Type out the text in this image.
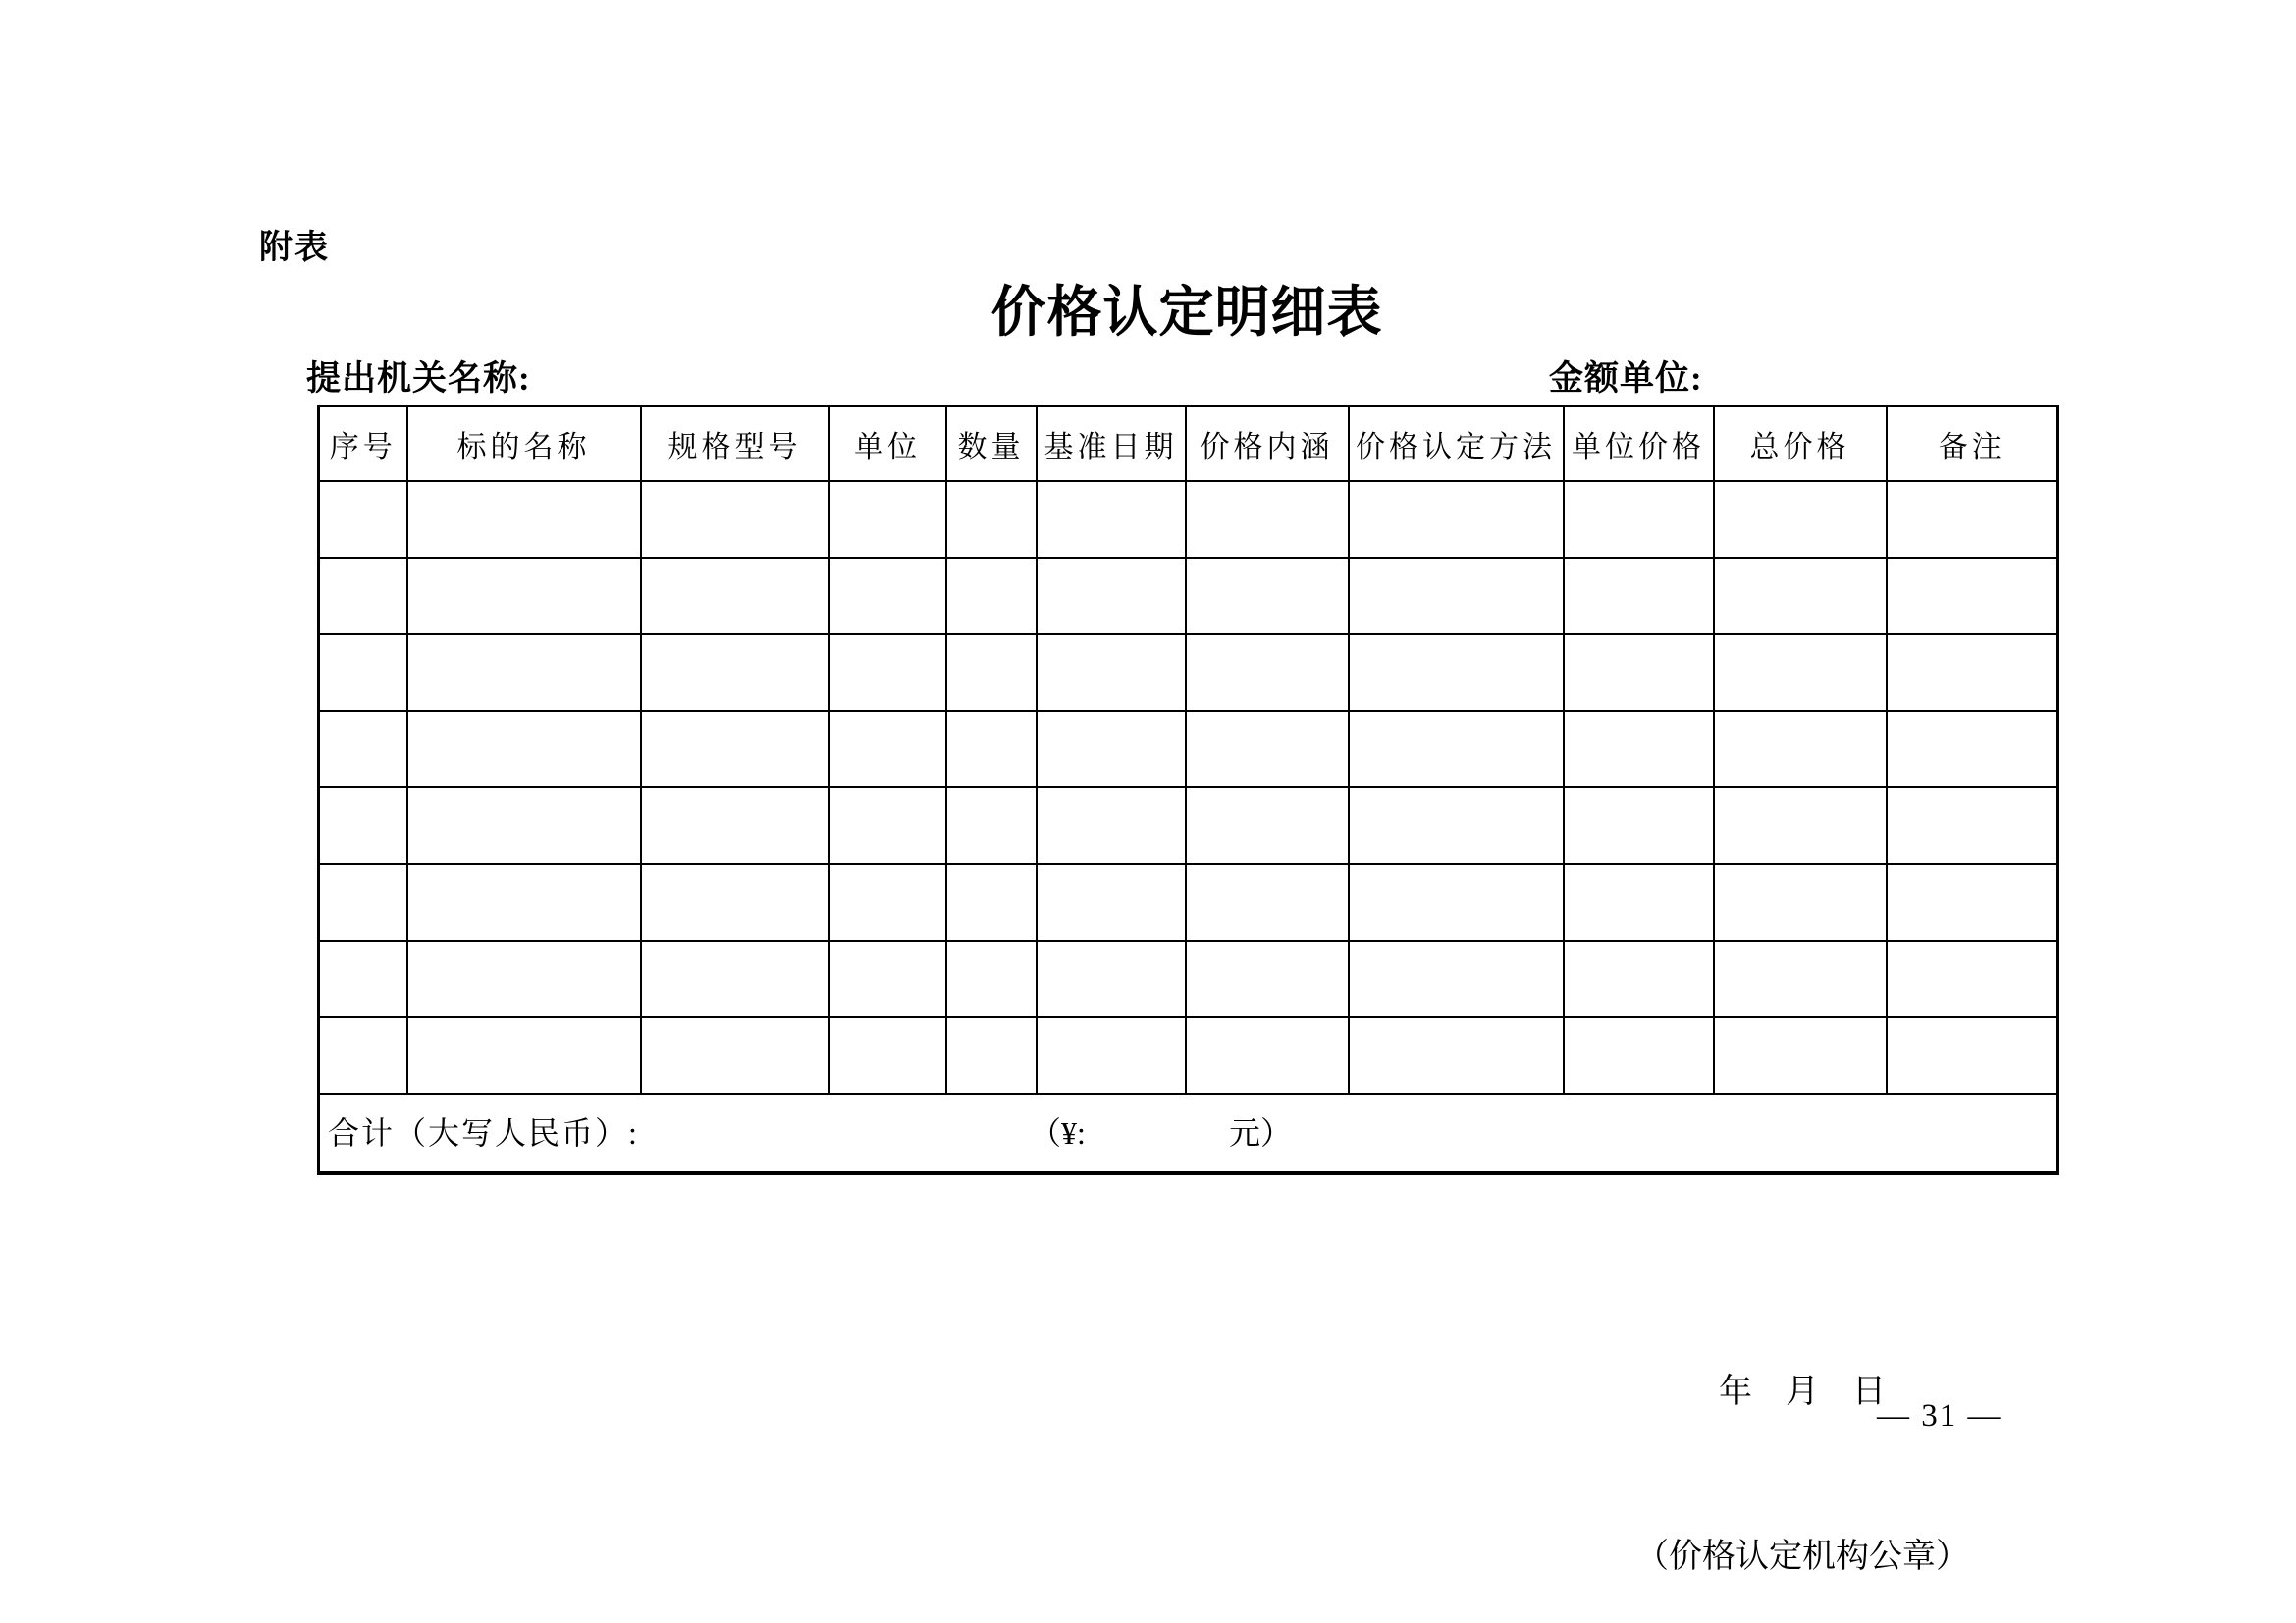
附表
价格认定明细表
提出机关名称:	金额单位:
序号	标的名称	规格型号	单位	数量	基准日期	价格内涵	价格认定方法	单位价格	总价格	备注

合计（大写人民币）: （¥: 元）										

年　月　日

（价格认定机构公章）

— 31 —
